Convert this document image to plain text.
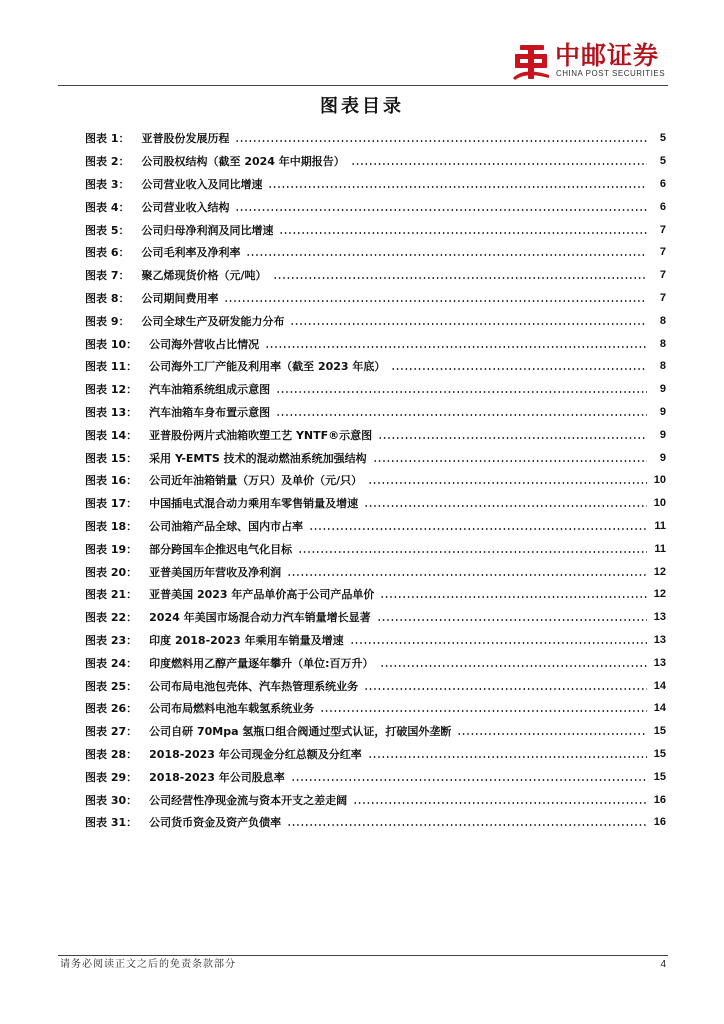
中邮证券
CHINA POST SECURITIES
图表目录
图表 1： 亚普股份发展历程	5
图表 2： 公司股权结构（截至 2024 年中期报告）	5
图表 3： 公司营业收入及同比增速	6
图表 4： 公司营业收入结构	6
图表 5： 公司归母净利润及同比增速	7
图表 6： 公司毛利率及净利率	7
图表 7： 聚乙烯现货价格（元/吨）	7
图表 8： 公司期间费用率	7
图表 9： 公司全球生产及研发能力分布	8
图表 10： 公司海外营收占比情况	8
图表 11： 公司海外工厂产能及利用率（截至 2023 年底）	8
图表 12： 汽车油箱系统组成示意图	9
图表 13： 汽车油箱车身布置示意图	9
图表 14： 亚普股份两片式油箱吹塑工艺 YNTF®示意图	9
图表 15： 采用 Y-EMTS 技术的混动燃油系统加强结构	9
图表 16： 公司近年油箱销量（万只）及单价（元/只）	10
图表 17： 中国插电式混合动力乘用车零售销量及增速	10
图表 18： 公司油箱产品全球、国内市占率	11
图表 19： 部分跨国车企推迟电气化目标	11
图表 20： 亚普美国历年营收及净利润	12
图表 21： 亚普美国 2023 年产品单价高于公司产品单价	12
图表 22： 2024 年美国市场混合动力汽车销量增长显著	13
图表 23： 印度 2018-2023 年乘用车销量及增速	13
图表 24： 印度燃料用乙醇产量逐年攀升（单位:百万升）	13
图表 25： 公司布局电池包壳体、汽车热管理系统业务	14
图表 26： 公司布局燃料电池车载氢系统业务	14
图表 27： 公司自研 70Mpa 氢瓶口组合阀通过型式认证，打破国外垄断	15
图表 28： 2018-2023 年公司现金分红总额及分红率	15
图表 29： 2018-2023 年公司股息率	15
图表 30： 公司经营性净现金流与资本开支之差走阔	16
图表 31： 公司货币资金及资产负债率	16
请务必阅读正文之后的免责条款部分	4
